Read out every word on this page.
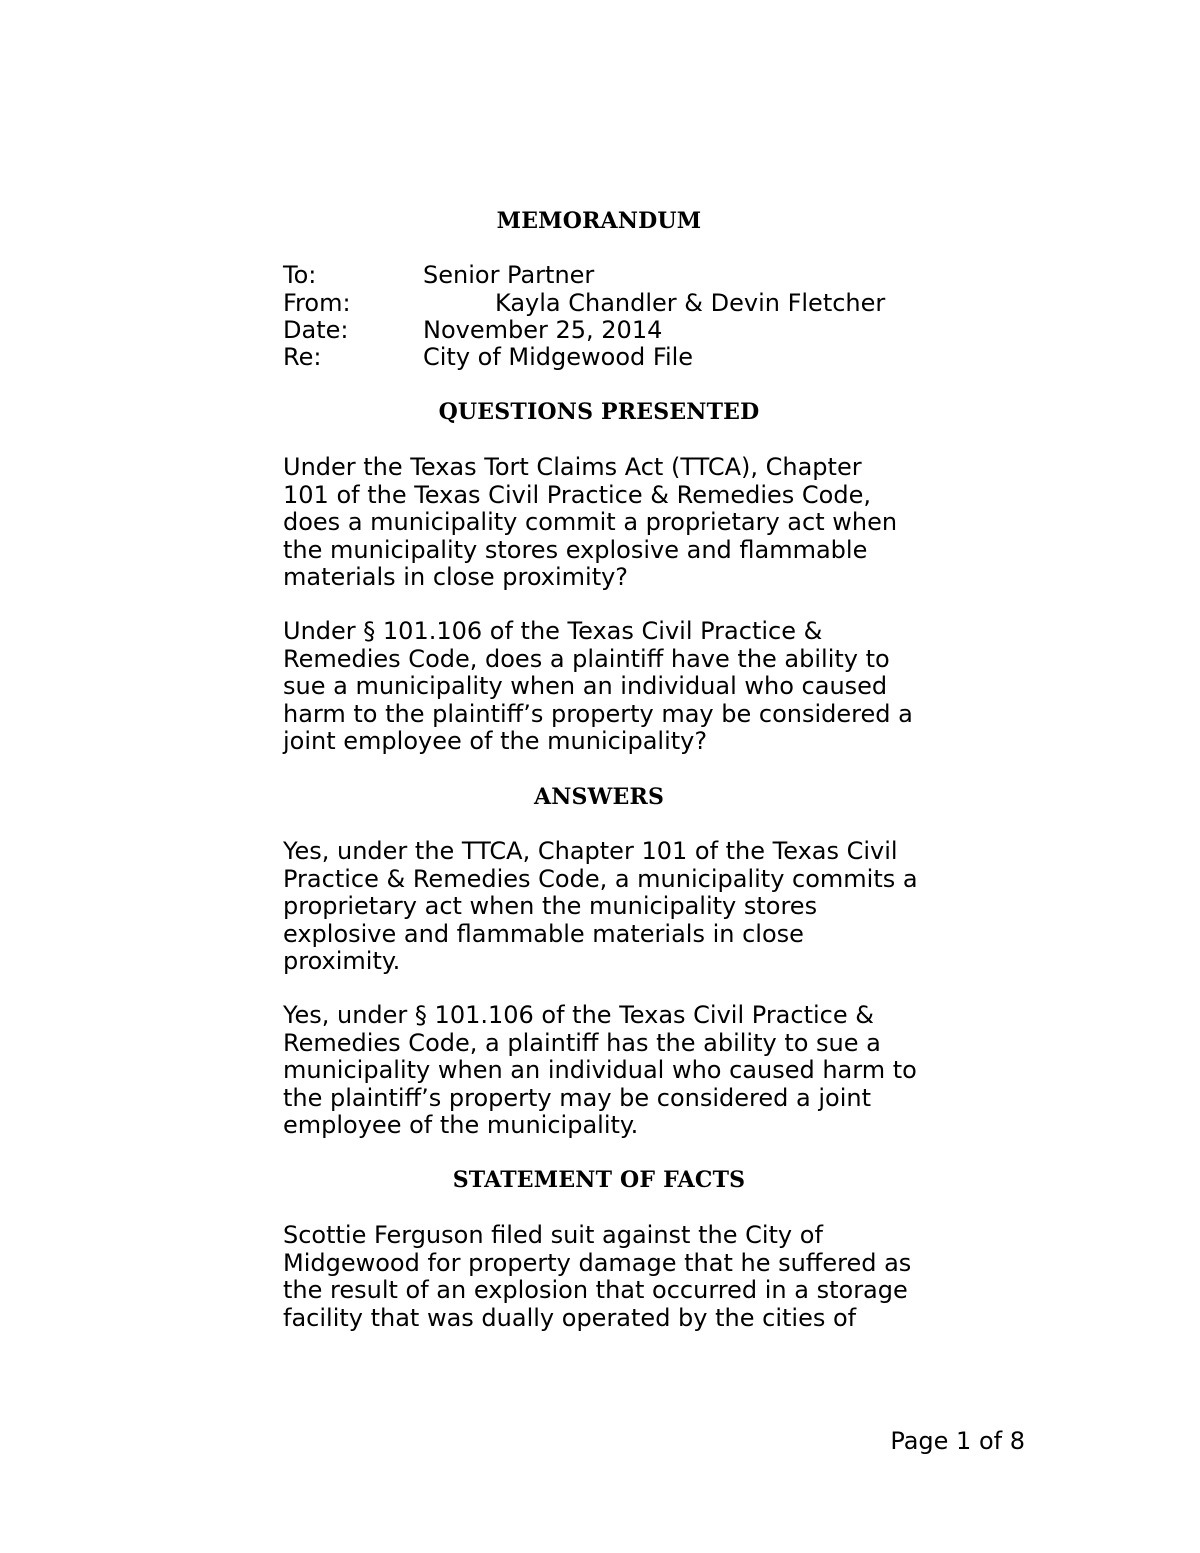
MEMORANDUM
To:	Senior Partner
From:	Kayla Chandler & Devin Fletcher
Date:	November 25, 2014
Re:	City of Midgewood File
QUESTIONS PRESENTED
Under the Texas Tort Claims Act (TTCA), Chapter
101 of the Texas Civil Practice & Remedies Code,
does a municipality commit a proprietary act when
the municipality stores explosive and flammable
materials in close proximity?
Under § 101.106 of the Texas Civil Practice &
Remedies Code, does a plaintiff have the ability to
sue a municipality when an individual who caused
harm to the plaintiff’s property may be considered a
joint employee of the municipality?
ANSWERS
Yes, under the TTCA, Chapter 101 of the Texas Civil
Practice & Remedies Code, a municipality commits a
proprietary act when the municipality stores
explosive and flammable materials in close
proximity.
Yes, under § 101.106 of the Texas Civil Practice &
Remedies Code, a plaintiff has the ability to sue a
municipality when an individual who caused harm to
the plaintiff’s property may be considered a joint
employee of the municipality.
STATEMENT OF FACTS
Scottie Ferguson filed suit against the City of
Midgewood for property damage that he suffered as
the result of an explosion that occurred in a storage
facility that was dually operated by the cities of
Page 1 of 8
